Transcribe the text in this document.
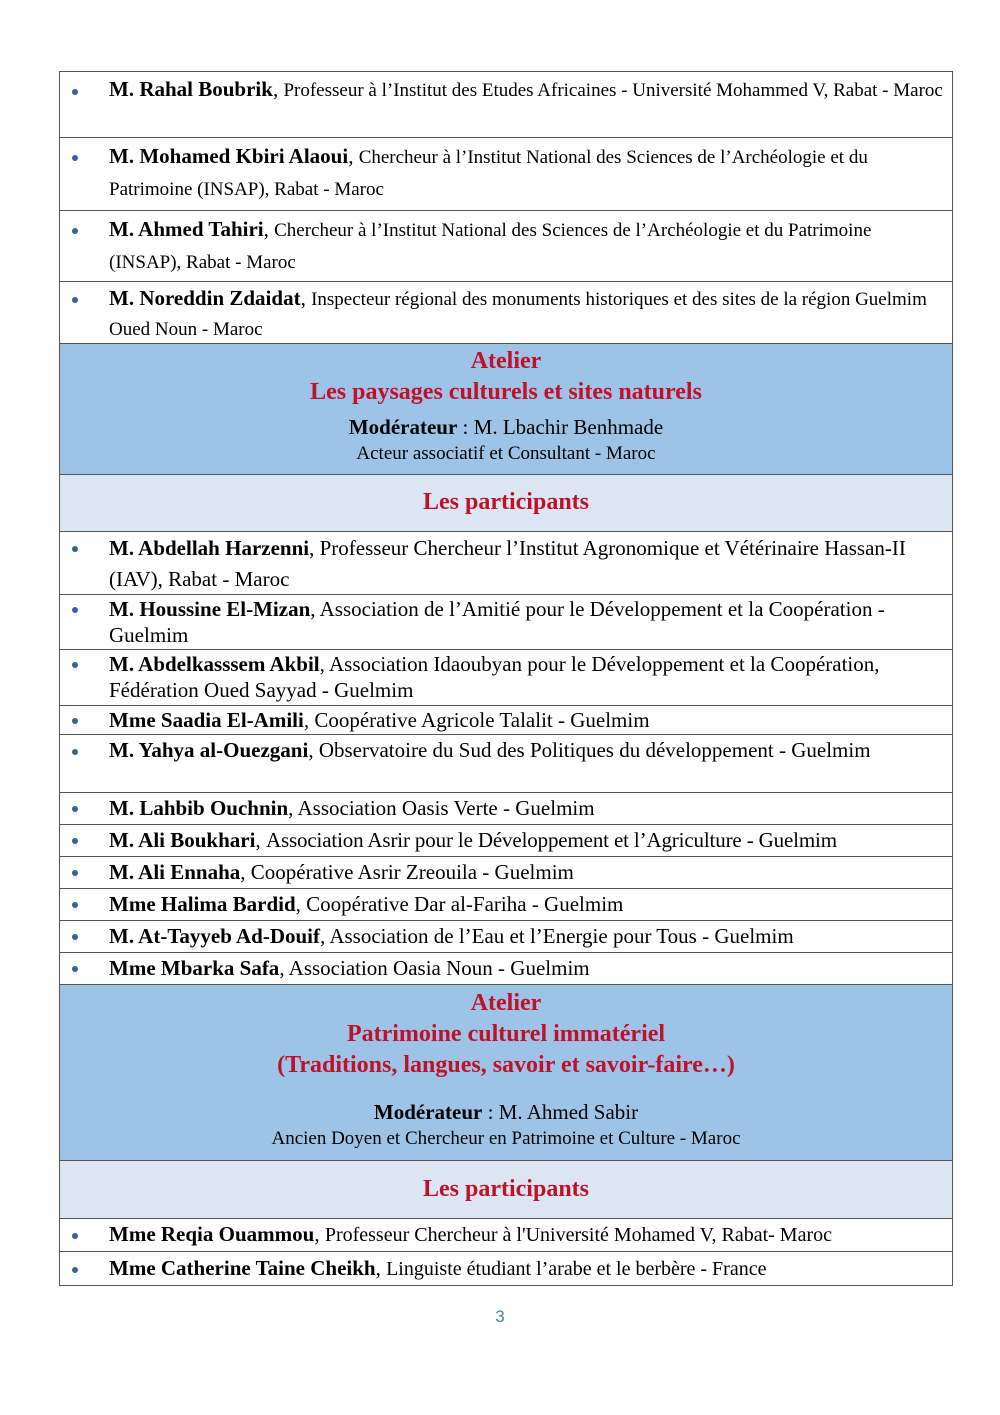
M. Rahal Boubrik, Professeur à l’Institut des Etudes Africaines - Université Mohammed V, Rabat - Maroc
M. Mohamed Kbiri Alaoui, Chercheur à l’Institut National des Sciences de l’Archéologie et du Patrimoine (INSAP), Rabat - Maroc
M. Ahmed Tahiri, Chercheur à l’Institut National des Sciences de l’Archéologie et du Patrimoine (INSAP), Rabat - Maroc
M. Noreddin Zdaidat, Inspecteur régional des monuments historiques et des sites de la région Guelmim Oued Noun - Maroc
Atelier
Les paysages culturels et sites naturels
Modérateur : M. Lbachir Benhmade
Acteur associatif et Consultant - Maroc
Les participants
M. Abdellah Harzenni, Professeur Chercheur l’Institut Agronomique et Vétérinaire Hassan-II (IAV), Rabat - Maroc
M. Houssine El-Mizan, Association de l’Amitié pour le Développement et la Coopération - Guelmim
M. Abdelkasssem Akbil, Association Idaoubyan pour le Développement et la Coopération, Fédération Oued Sayyad - Guelmim
Mme Saadia El-Amili, Coopérative Agricole Talalit - Guelmim
M. Yahya al-Ouezgani, Observatoire du Sud des Politiques du développement - Guelmim
M. Lahbib Ouchnin, Association Oasis Verte - Guelmim
M. Ali Boukhari, Association Asrir pour le Développement et l’Agriculture - Guelmim
M. Ali Ennaha, Coopérative Asrir Zreouila - Guelmim
Mme Halima Bardid, Coopérative Dar al-Fariha - Guelmim
M. At-Tayyeb Ad-Douif, Association de l’Eau et l’Energie pour Tous - Guelmim
Mme Mbarka Safa, Association Oasia Noun - Guelmim
Atelier
Patrimoine culturel immatériel
(Traditions, langues, savoir et savoir-faire…)
Modérateur : M. Ahmed Sabir
Ancien Doyen et Chercheur en Patrimoine et Culture - Maroc
Les participants
Mme Reqia Ouammou, Professeur Chercheur à l'Université Mohamed V, Rabat- Maroc
Mme Catherine Taine Cheikh, Linguiste étudiant l’arabe et le berbère - France
3
